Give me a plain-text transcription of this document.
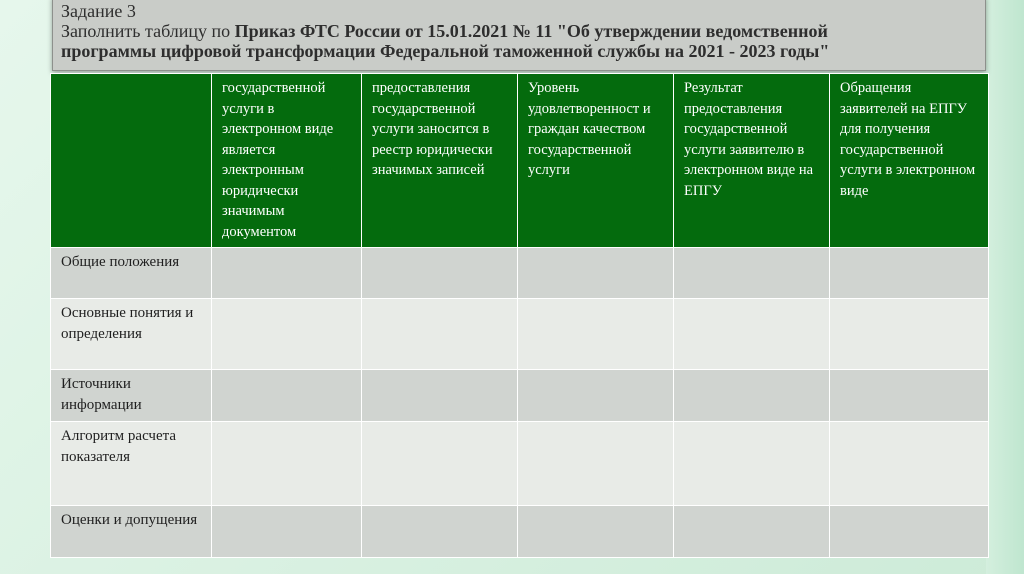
Задание 3
Заполнить таблицу по Приказ ФТС России от 15.01.2021 № 11 "Об утверждении ведомственной
программы цифровой трансформации Федеральной таможенной службы на 2021 - 2023 годы"
	государственной услуги в электронном виде является электронным юридически значимым документом	предоставления государственной услуги заносится в реестр юридически значимых записей	Уровень удовлетворенност и граждан качеством государственной услуги	Результат предоставления государственной услуги заявителю в электронном виде на ЕПГУ	Обращения заявителей на ЕПГУ для получения государственной услуги в электронном виде
Общие положения					
Основные понятия и определения					
Источники информации					
Алгоритм расчета показателя					
Оценки и допущения					
